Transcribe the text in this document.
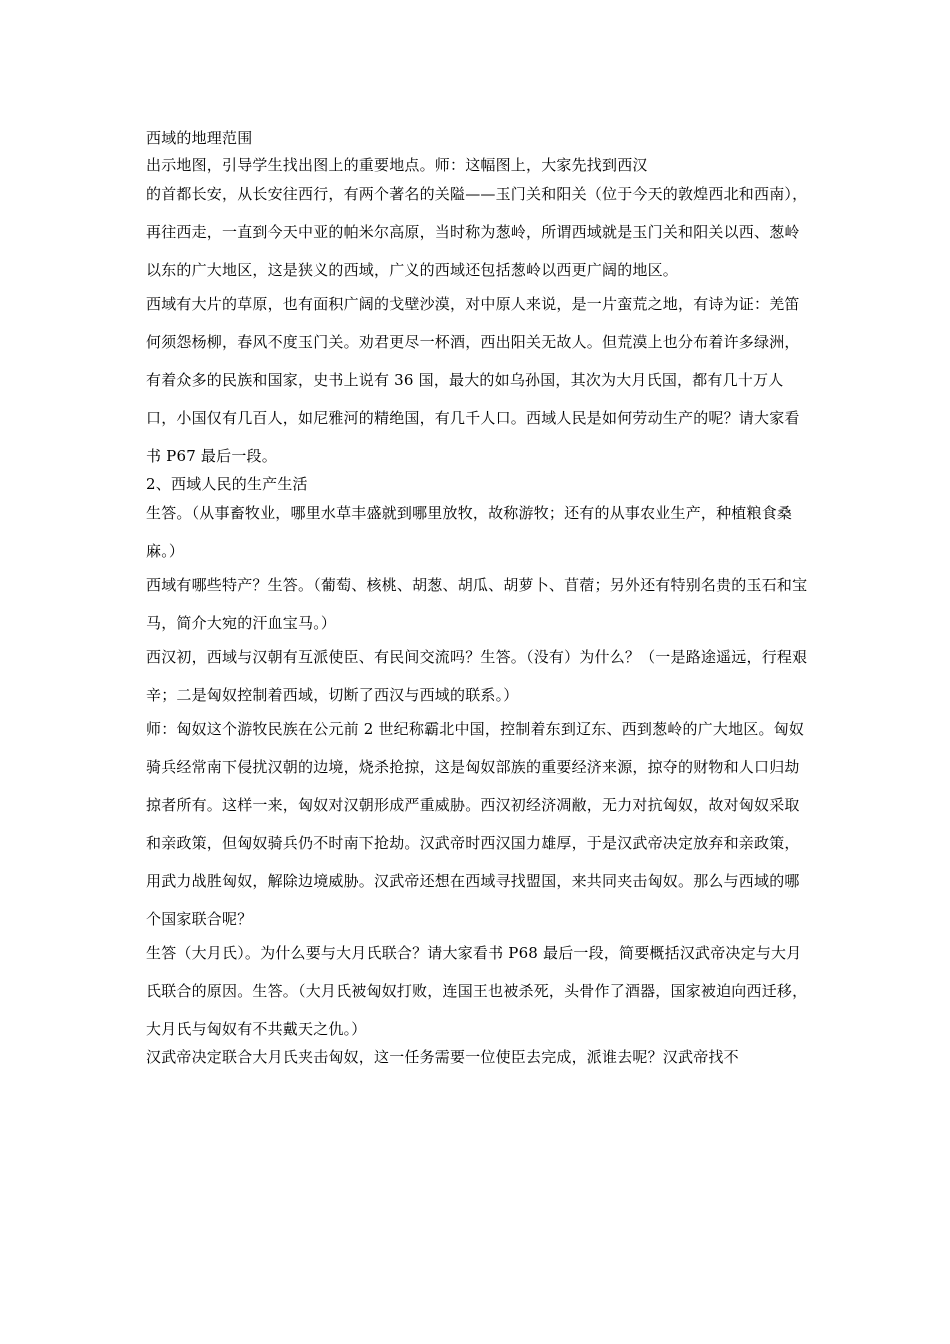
西域的地理范围

出示地图，引导学生找出图上的重要地点。师：这幅图上，大家先找到西汉

的首都长安，从长安往西行，有两个著名的关隘——玉门关和阳关（位于今天的敦煌西北和西南），再往西走，一直到今天中亚的帕米尔高原，当时称为葱岭，所谓西域就是玉门关和阳关以西、葱岭以东的广大地区，这是狭义的西域，广义的西域还包括葱岭以西更广阔的地区。

西域有大片的草原，也有面积广阔的戈壁沙漠，对中原人来说，是一片蛮荒之地，有诗为证：羌笛何须怨杨柳，春风不度玉门关。劝君更尽一杯酒，西出阳关无故人。但荒漠上也分布着许多绿洲，有着众多的民族和国家，史书上说有 36 国，最大的如乌孙国，其次为大月氏国，都有几十万人口，小国仅有几百人，如尼雅河的精绝国，有几千人口。西域人民是如何劳动生产的呢？请大家看书 P67 最后一段。

2、西域人民的生产生活

生答。（从事畜牧业，哪里水草丰盛就到哪里放牧，故称游牧；还有的从事农业生产，种植粮食桑麻。）

西域有哪些特产？生答。（葡萄、核桃、胡葱、胡瓜、胡萝卜、苜蓿；另外还有特别名贵的玉石和宝马，简介大宛的汗血宝马。）

西汉初，西域与汉朝有互派使臣、有民间交流吗？生答。（没有）为什么？（一是路途遥远，行程艰辛；二是匈奴控制着西域，切断了西汉与西域的联系。）

师：匈奴这个游牧民族在公元前 2 世纪称霸北中国，控制着东到辽东、西到葱岭的广大地区。匈奴骑兵经常南下侵扰汉朝的边境，烧杀抢掠，这是匈奴部族的重要经济来源，掠夺的财物和人口归劫掠者所有。这样一来，匈奴对汉朝形成严重威胁。西汉初经济凋敝，无力对抗匈奴，故对匈奴采取和亲政策，但匈奴骑兵仍不时南下抢劫。汉武帝时西汉国力雄厚，于是汉武帝决定放弃和亲政策，用武力战胜匈奴，解除边境威胁。汉武帝还想在西域寻找盟国，来共同夹击匈奴。那么与西域的哪个国家联合呢？

生答（大月氏）。为什么要与大月氏联合？请大家看书 P68 最后一段，简要概括汉武帝决定与大月氏联合的原因。生答。（大月氏被匈奴打败，连国王也被杀死，头骨作了酒器，国家被迫向西迁移，大月氏与匈奴有不共戴天之仇。）

汉武帝决定联合大月氏夹击匈奴，这一任务需要一位使臣去完成，派谁去呢？汉武帝找不
